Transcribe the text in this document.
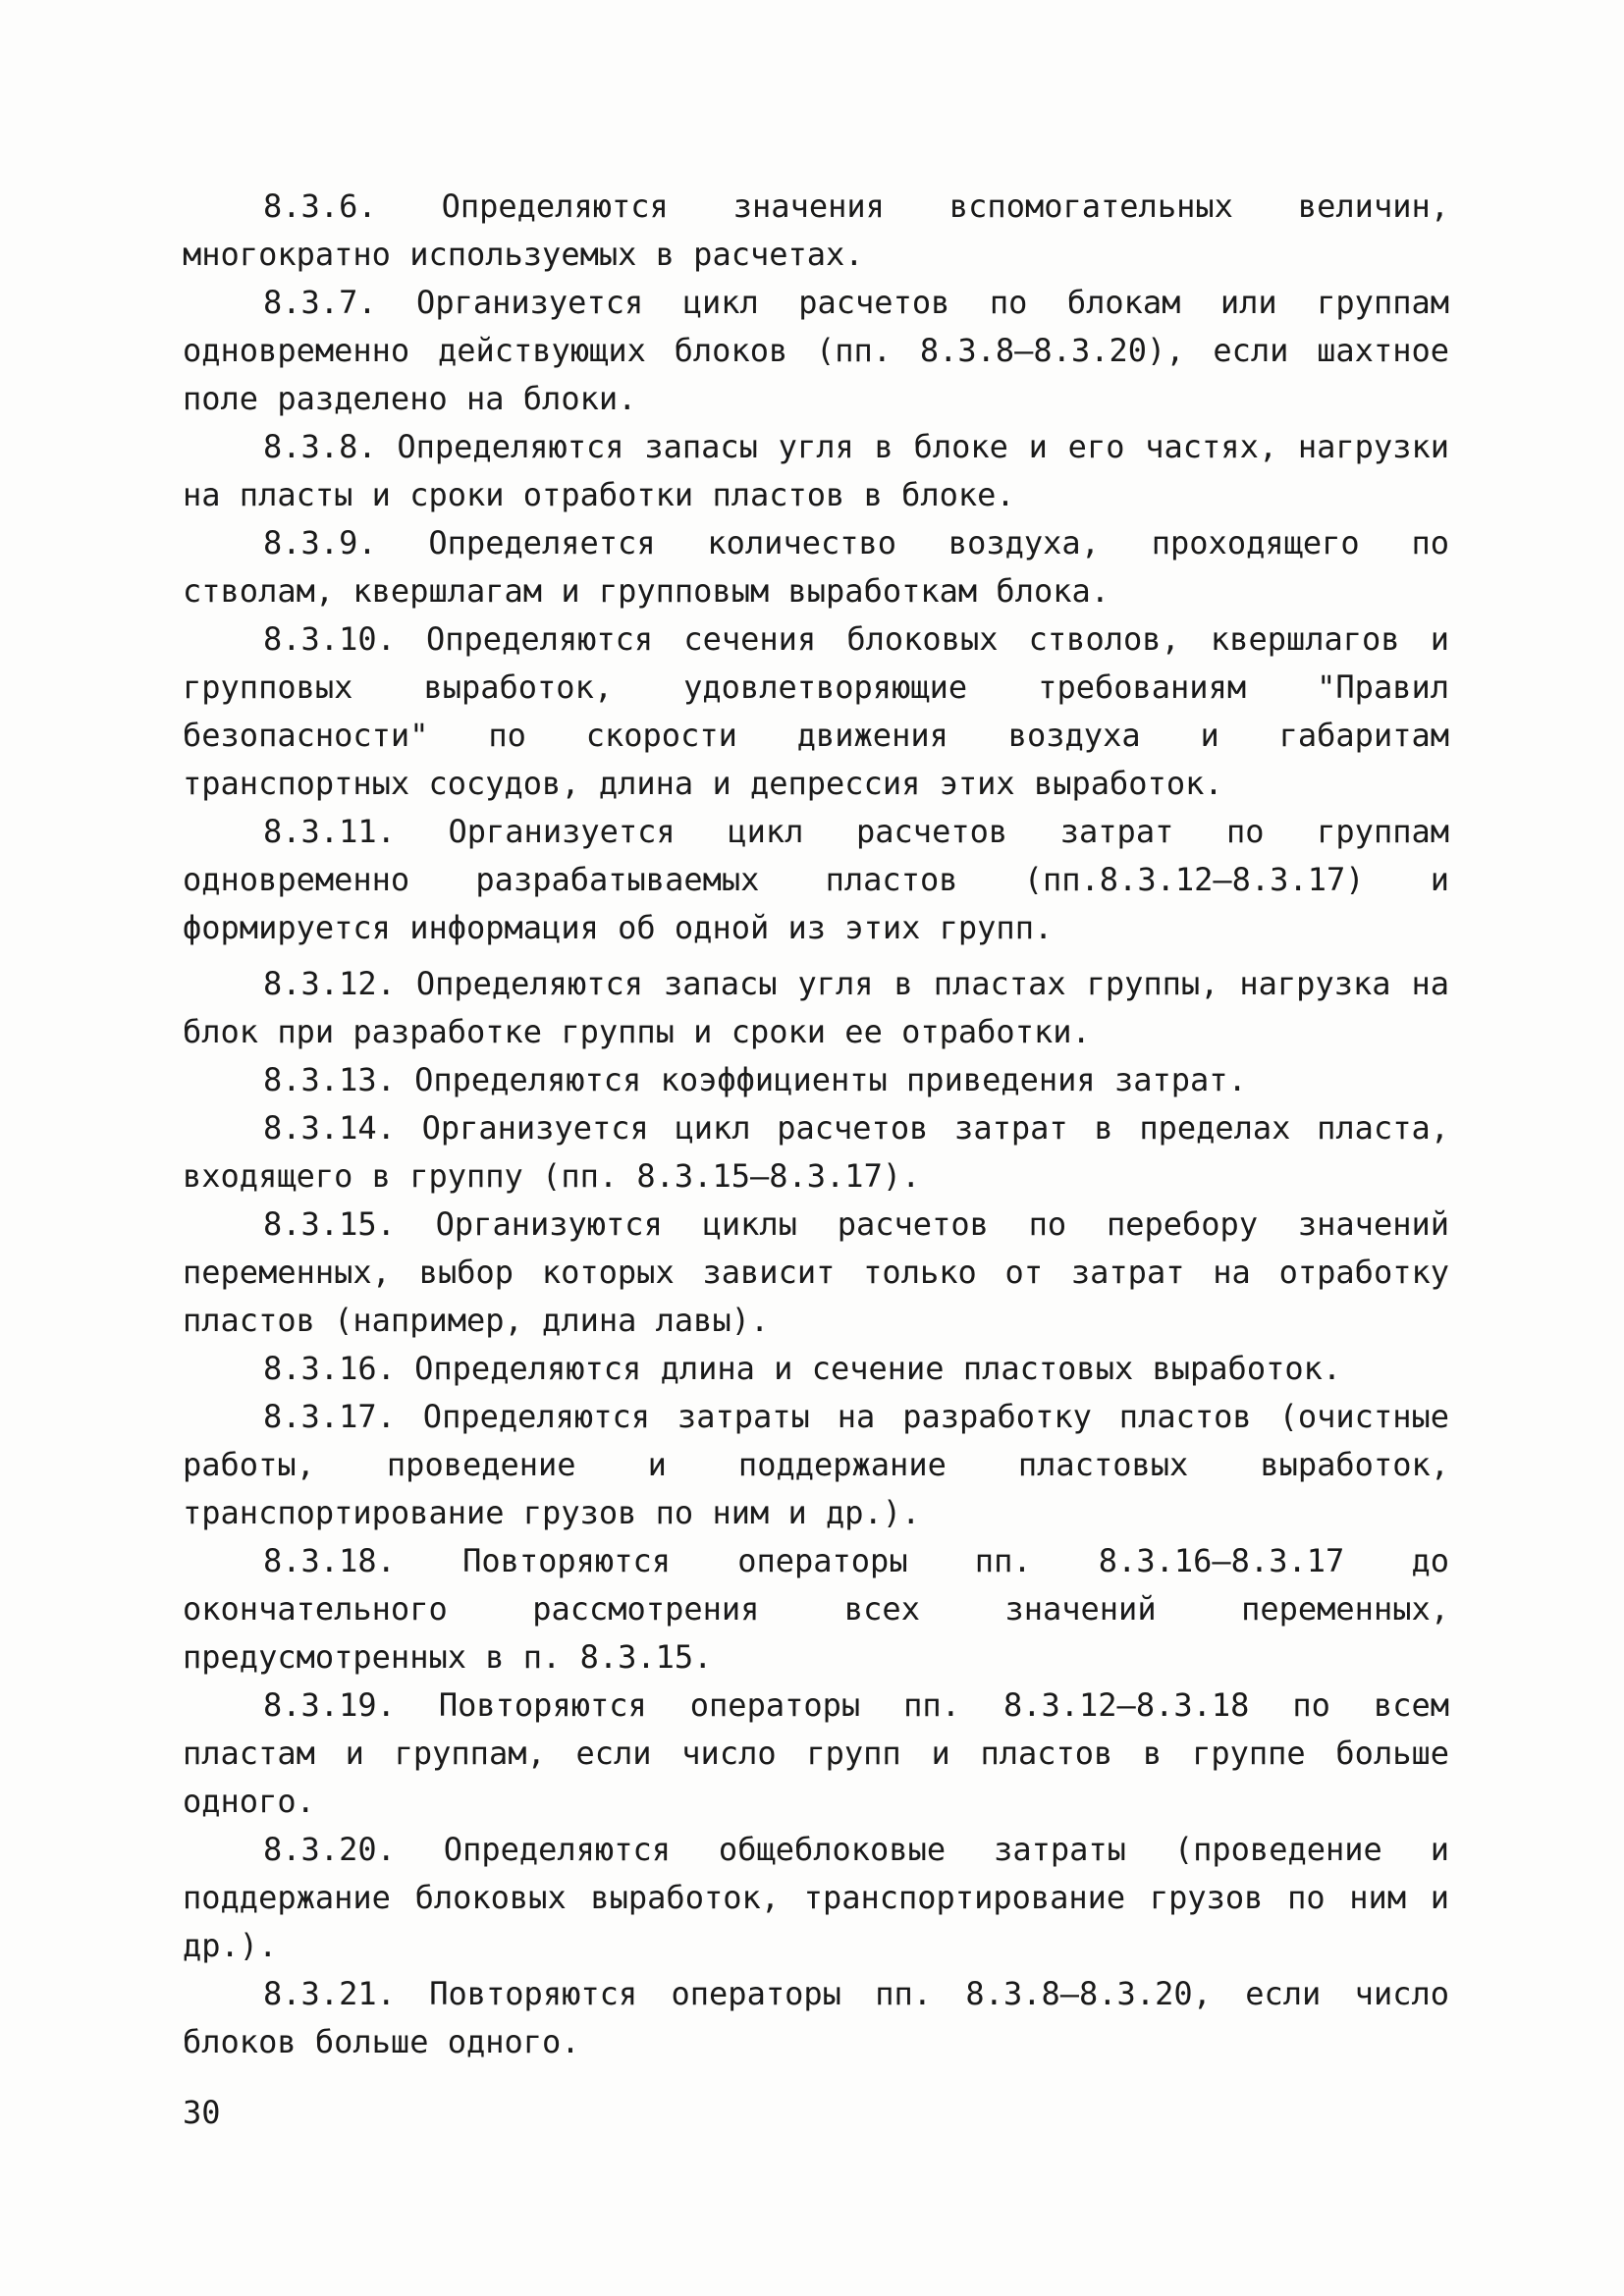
8.3.6. Определяются значения вспомогательных величин, многократно используемых в расчетах.

8.3.7. Организуется цикл расчетов по блокам или группам одновременно действующих блоков (пп. 8.3.8–8.3.20), если шахтное поле разделено на блоки.

8.3.8. Определяются запасы угля в блоке и его частях, нагрузки на пласты и сроки отработки пластов в блоке.

8.3.9. Определяется количество воздуха, проходящего по стволам, квершлагам и групповым выработкам блока.

8.3.10. Определяются сечения блоковых стволов, квершлагов и групповых выработок, удовлетворяющие требованиям "Правил безопасности" по скорости движения воздуха и габаритам транспортных сосудов, длина и депрессия этих выработок.

8.3.11. Организуется цикл расчетов затрат по группам одновременно разрабатываемых пластов (пп.8.3.12–8.3.17) и формируется информация об одной из этих групп.

8.3.12. Определяются запасы угля в пластах группы, нагрузка на блок при разработке группы и сроки ее отработки.

8.3.13. Определяются коэффициенты приведения затрат.

8.3.14. Организуется цикл расчетов затрат в пределах пласта, входящего в группу (пп. 8.3.15–8.3.17).

8.3.15. Организуются циклы расчетов по перебору значений переменных, выбор которых зависит только от затрат на отработку пластов (например, длина лавы).

8.3.16. Определяются длина и сечение пластовых выработок.

8.3.17. Определяются затраты на разработку пластов (очистные работы, проведение и поддержание пластовых выработок, транспортирование грузов по ним и др.).

8.3.18. Повторяются операторы пп. 8.3.16–8.3.17 до окончательного рассмотрения всех значений переменных, предусмотренных в п. 8.3.15.

8.3.19. Повторяются операторы пп. 8.3.12–8.3.18 по всем пластам и группам, если число групп и пластов в группе больше одного.

8.3.20. Определяются общеблоковые затраты (проведение и поддержание блоковых выработок, транспортирование грузов по ним и др.).

8.3.21. Повторяются операторы пп. 8.3.8–8.3.20, если число блоков больше одного.

30
